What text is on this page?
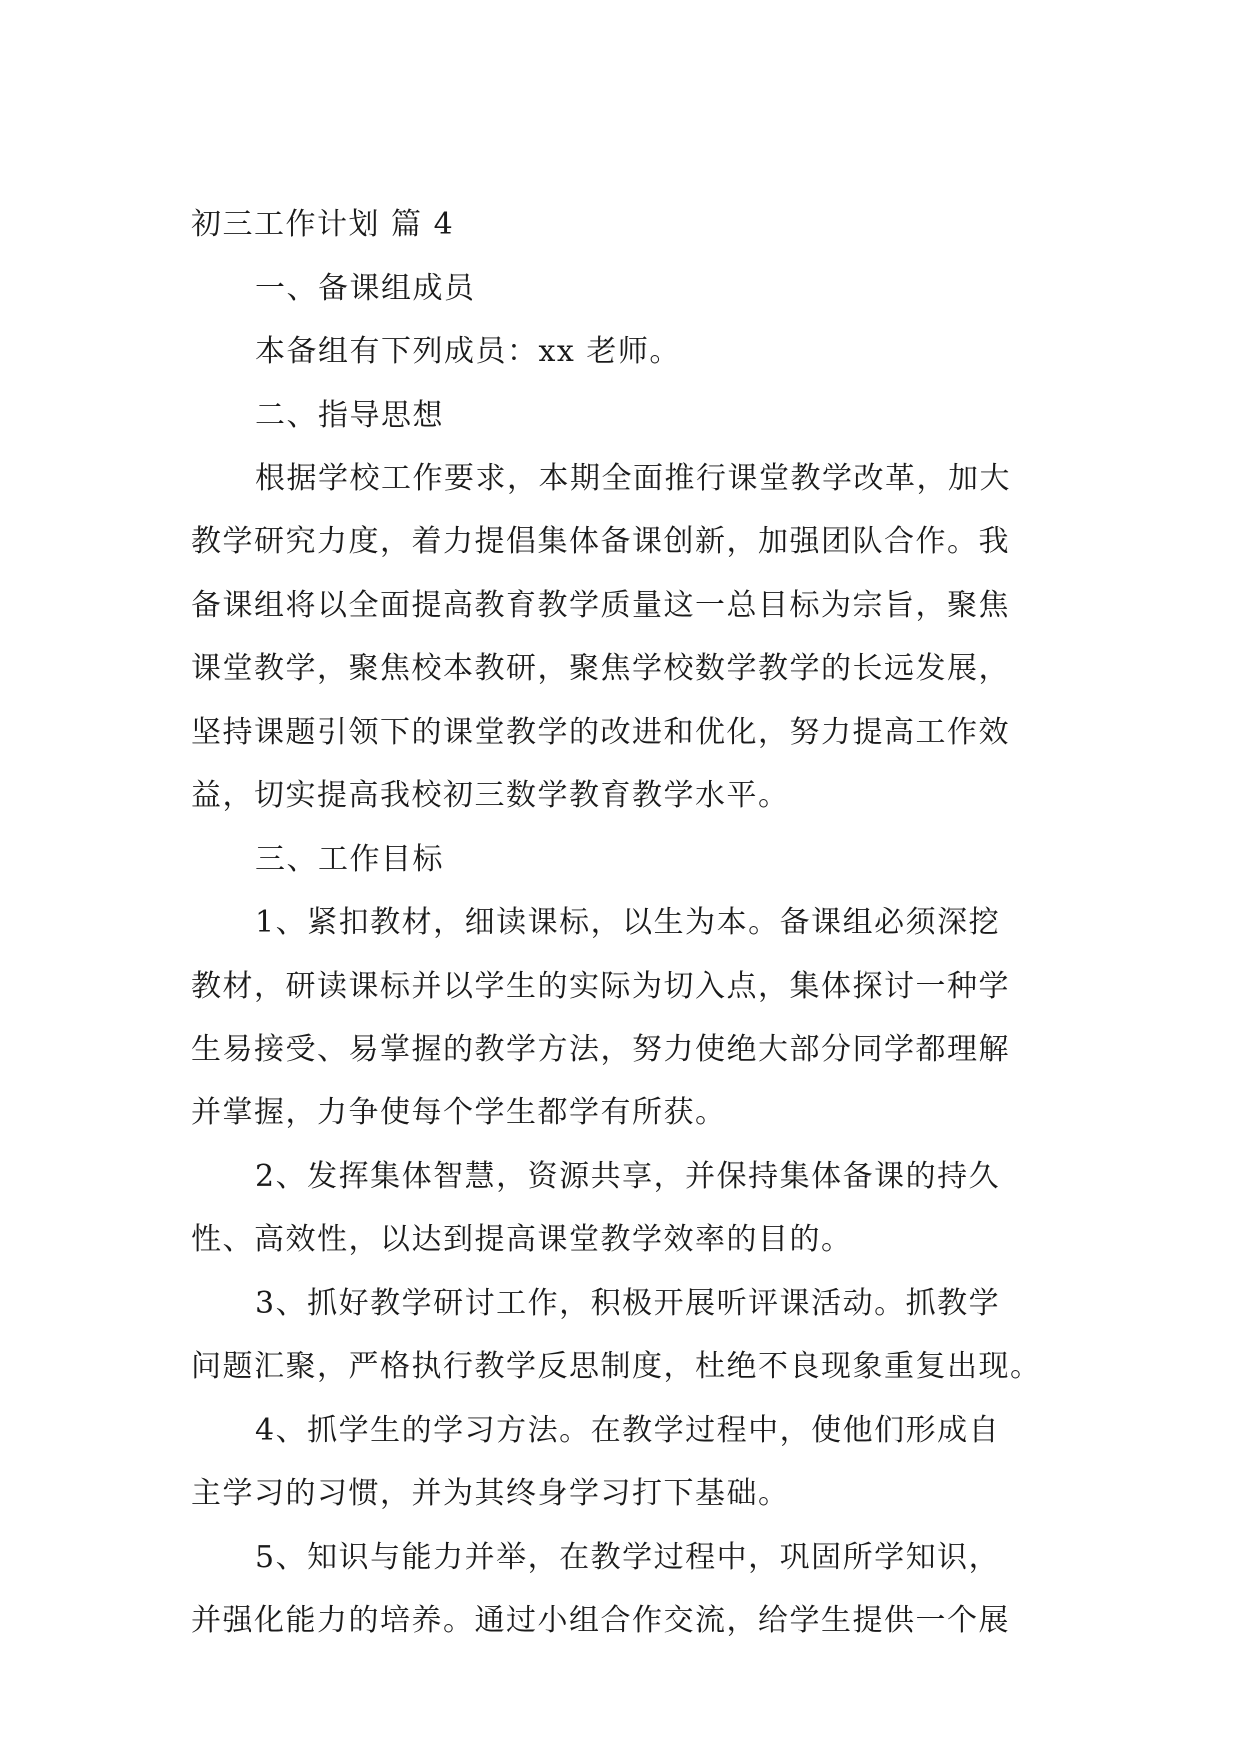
初三工作计划 篇 4
一、备课组成员
本备组有下列成员：xx 老师。
二、指导思想
根据学校工作要求，本期全面推行课堂教学改革，加大
教学研究力度，着力提倡集体备课创新，加强团队合作。我
备课组将以全面提高教育教学质量这一总目标为宗旨，聚焦
课堂教学，聚焦校本教研，聚焦学校数学教学的长远发展，
坚持课题引领下的课堂教学的改进和优化，努力提高工作效
益，切实提高我校初三数学教育教学水平。
三、工作目标
1、紧扣教材，细读课标，以生为本。备课组必须深挖
教材，研读课标并以学生的实际为切入点，集体探讨一种学
生易接受、易掌握的教学方法，努力使绝大部分同学都理解
并掌握，力争使每个学生都学有所获。
2、发挥集体智慧，资源共享，并保持集体备课的持久
性、高效性，以达到提高课堂教学效率的目的。
3、抓好教学研讨工作，积极开展听评课活动。抓教学
问题汇聚，严格执行教学反思制度，杜绝不良现象重复出现。
4、抓学生的学习方法。在教学过程中，使他们形成自
主学习的习惯，并为其终身学习打下基础。
5、知识与能力并举，在教学过程中，巩固所学知识，
并强化能力的培养。通过小组合作交流，给学生提供一个展
